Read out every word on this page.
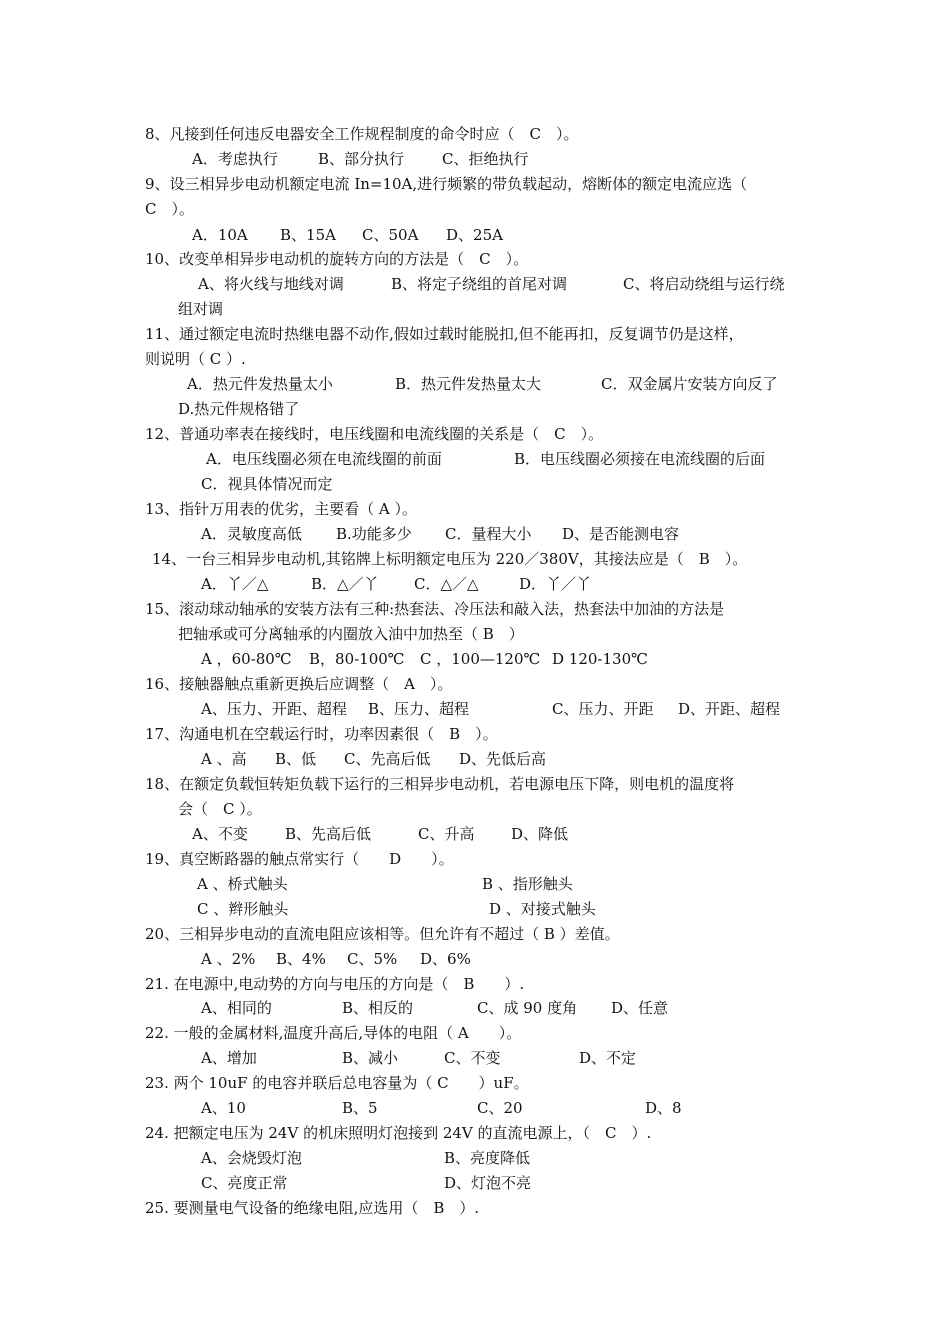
8、凡接到任何违反电器安全工作规程制度的命令时应（　C　）。
A．考虑执行	B、部分执行	C、拒绝执行
9、设三相异步电动机额定电流 In=10A,进行频繁的带负载起动，熔断体的额定电流应选（
C　）。
A．10A B、15A C、50A D、25A
10、改变单相异步电动机的旋转方向的方法是（　C　）。
A、将火线与地线对调	B、将定子绕组的首尾对调	C、将启动绕组与运行绕
组对调
11、通过额定电流时热继电器不动作,假如过载时能脱扣,但不能再扣，反复调节仍是这样，
则说明（ C ）.
A．热元件发热量太小	B．热元件发热量太大	C．双金属片安装方向反了
D.热元件规格错了
12、普通功率表在接线时，电压线圈和电流线圈的关系是（　C　）。
A．电压线圈必须在电流线圈的前面	B．电压线圈必须接在电流线圈的后面
C．视具体情况而定
13、指针万用表的优劣，主要看（ A ）。
A．灵敏度高低 B.功能多少 C．量程大小 D、是否能测电容
14、一台三相异步电动机,其铭牌上标明额定电压为 220／380V，其接法应是（　B　）。
A．丫／△	B．△／丫 C．△／△	D．丫／丫
15、滚动球动轴承的安装方法有三种:热套法、冷压法和敲入法，热套法中加油的方法是
把轴承或可分离轴承的内圈放入油中加热至（ B　）
A ，60-80℃ B，80-100℃ C ，100—120℃ D 120-130℃
16、接触器触点重新更换后应调整（　A　）。
A、压力、开距、超程 B、压力、超程	C、压力、开距 D、开距、超程
17、沟通电机在空载运行时，功率因素很（　B　）。
A 、高 B、低 C、先高后低 D、先低后高
18、在额定负载恒转矩负载下运行的三相异步电动机，若电源电压下降，则电机的温度将
会（　C ）。
A、不变 B、先高后低	C、升高 D、降低
19、真空断路器的触点常实行（　　D　　）。
A 、桥式触头	B 、指形触头
C 、辫形触头	D 、对接式触头
20、三相异步电动的直流电阻应该相等。但允许有不超过（ B ）差值。
A 、2% B、4% C、5% D、6%
21. 在电源中,电动势的方向与电压的方向是（　B　　）.
A、相同的	B、相反的	C、成 90 度角 D、任意
22. 一般的金属材料,温度升高后,导体的电阻（ A　　）。
A、增加	B、减小	C、不变	D、不定
23. 两个 10uF 的电容并联后总电容量为（ C　　）uF。
A、10	B、5	C、20	D、8
24. 把额定电压为 24V 的机床照明灯泡接到 24V 的直流电源上，（　C　）.
A、会烧毁灯泡	B、亮度降低
C、亮度正常	D、灯泡不亮
25. 要测量电气设备的绝缘电阻,应选用（　B　）.
